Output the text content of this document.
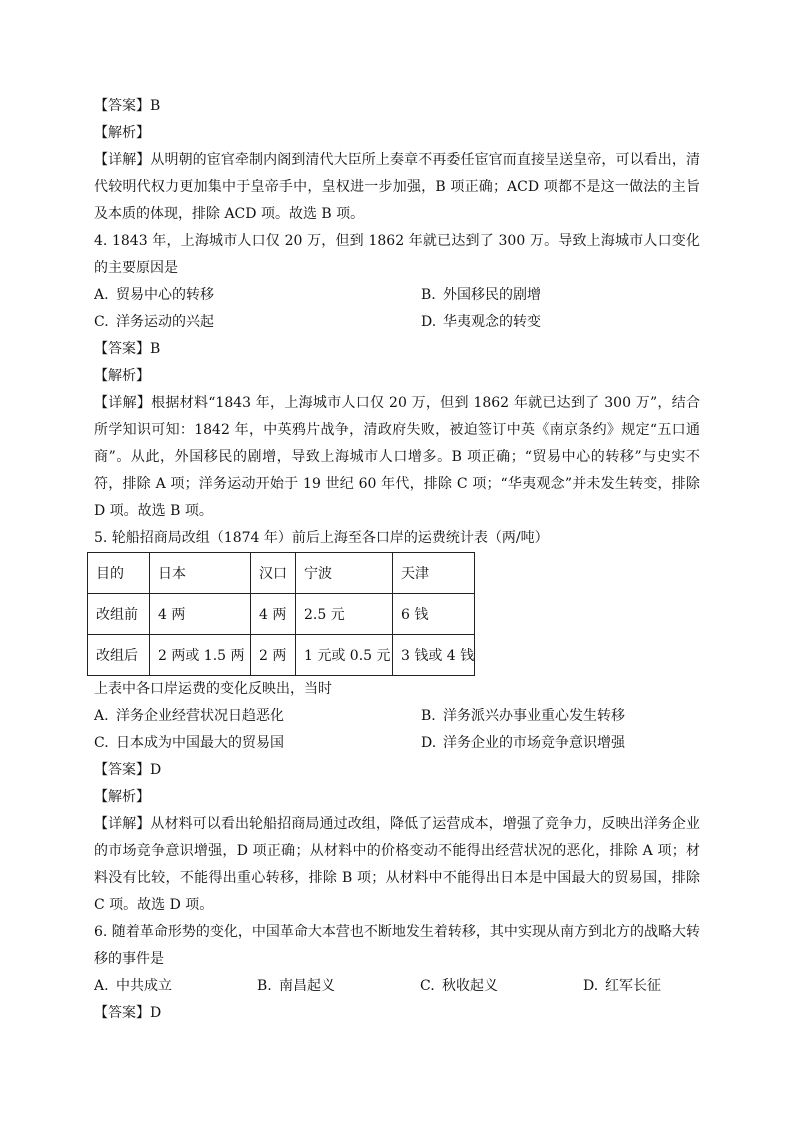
【答案】B
【解析】
【详解】从明朝的宦官牵制内阁到清代大臣所上奏章不再委任宦官而直接呈送皇帝，可以看出，清代较明代权力更加集中于皇帝手中，皇权进一步加强，B 项正确；ACD 项都不是这一做法的主旨及本质的体现，排除 ACD 项。故选 B 项。
4. 1843 年，上海城市人口仅 20 万，但到 1862 年就已达到了 300 万。导致上海城市人口变化的主要原因是
A. 贸易中心的转移	B. 外国移民的剧增
C. 洋务运动的兴起	D. 华夷观念的转变
【答案】B
【解析】
【详解】根据材料“1843 年，上海城市人口仅 20 万，但到 1862 年就已达到了 300 万”，结合所学知识可知：1842 年，中英鸦片战争，清政府失败，被迫签订中英《南京条约》规定“五口通商”。从此，外国移民的剧增，导致上海城市人口增多。B 项正确；“贸易中心的转移”与史实不符，排除 A 项；洋务运动开始于 19 世纪 60 年代，排除 C 项；“华夷观念”并未发生转变，排除 D 项。故选 B 项。
5. 轮船招商局改组（1874 年）前后上海至各口岸的运费统计表（两/吨）
目的	日本	汉口	宁波	天津
改组前	4 两	4 两	2.5 元	6 钱
改组后	2 两或 1.5 两	2 两	1 元或 0.5 元	3 钱或 4 钱
上表中各口岸运费的变化反映出，当时
A. 洋务企业经营状况日趋恶化	B. 洋务派兴办事业重心发生转移
C. 日本成为中国最大的贸易国	D. 洋务企业的市场竞争意识增强
【答案】D
【解析】
【详解】从材料可以看出轮船招商局通过改组，降低了运营成本，增强了竞争力，反映出洋务企业的市场竞争意识增强，D 项正确；从材料中的价格变动不能得出经营状况的恶化，排除 A 项；材料没有比较，不能得出重心转移，排除 B 项；从材料中不能得出日本是中国最大的贸易国，排除 C 项。故选 D 项。
6. 随着革命形势的变化，中国革命大本营也不断地发生着转移，其中实现从南方到北方的战略大转移的事件是
A. 中共成立	B. 南昌起义	C. 秋收起义	D. 红军长征
【答案】D
